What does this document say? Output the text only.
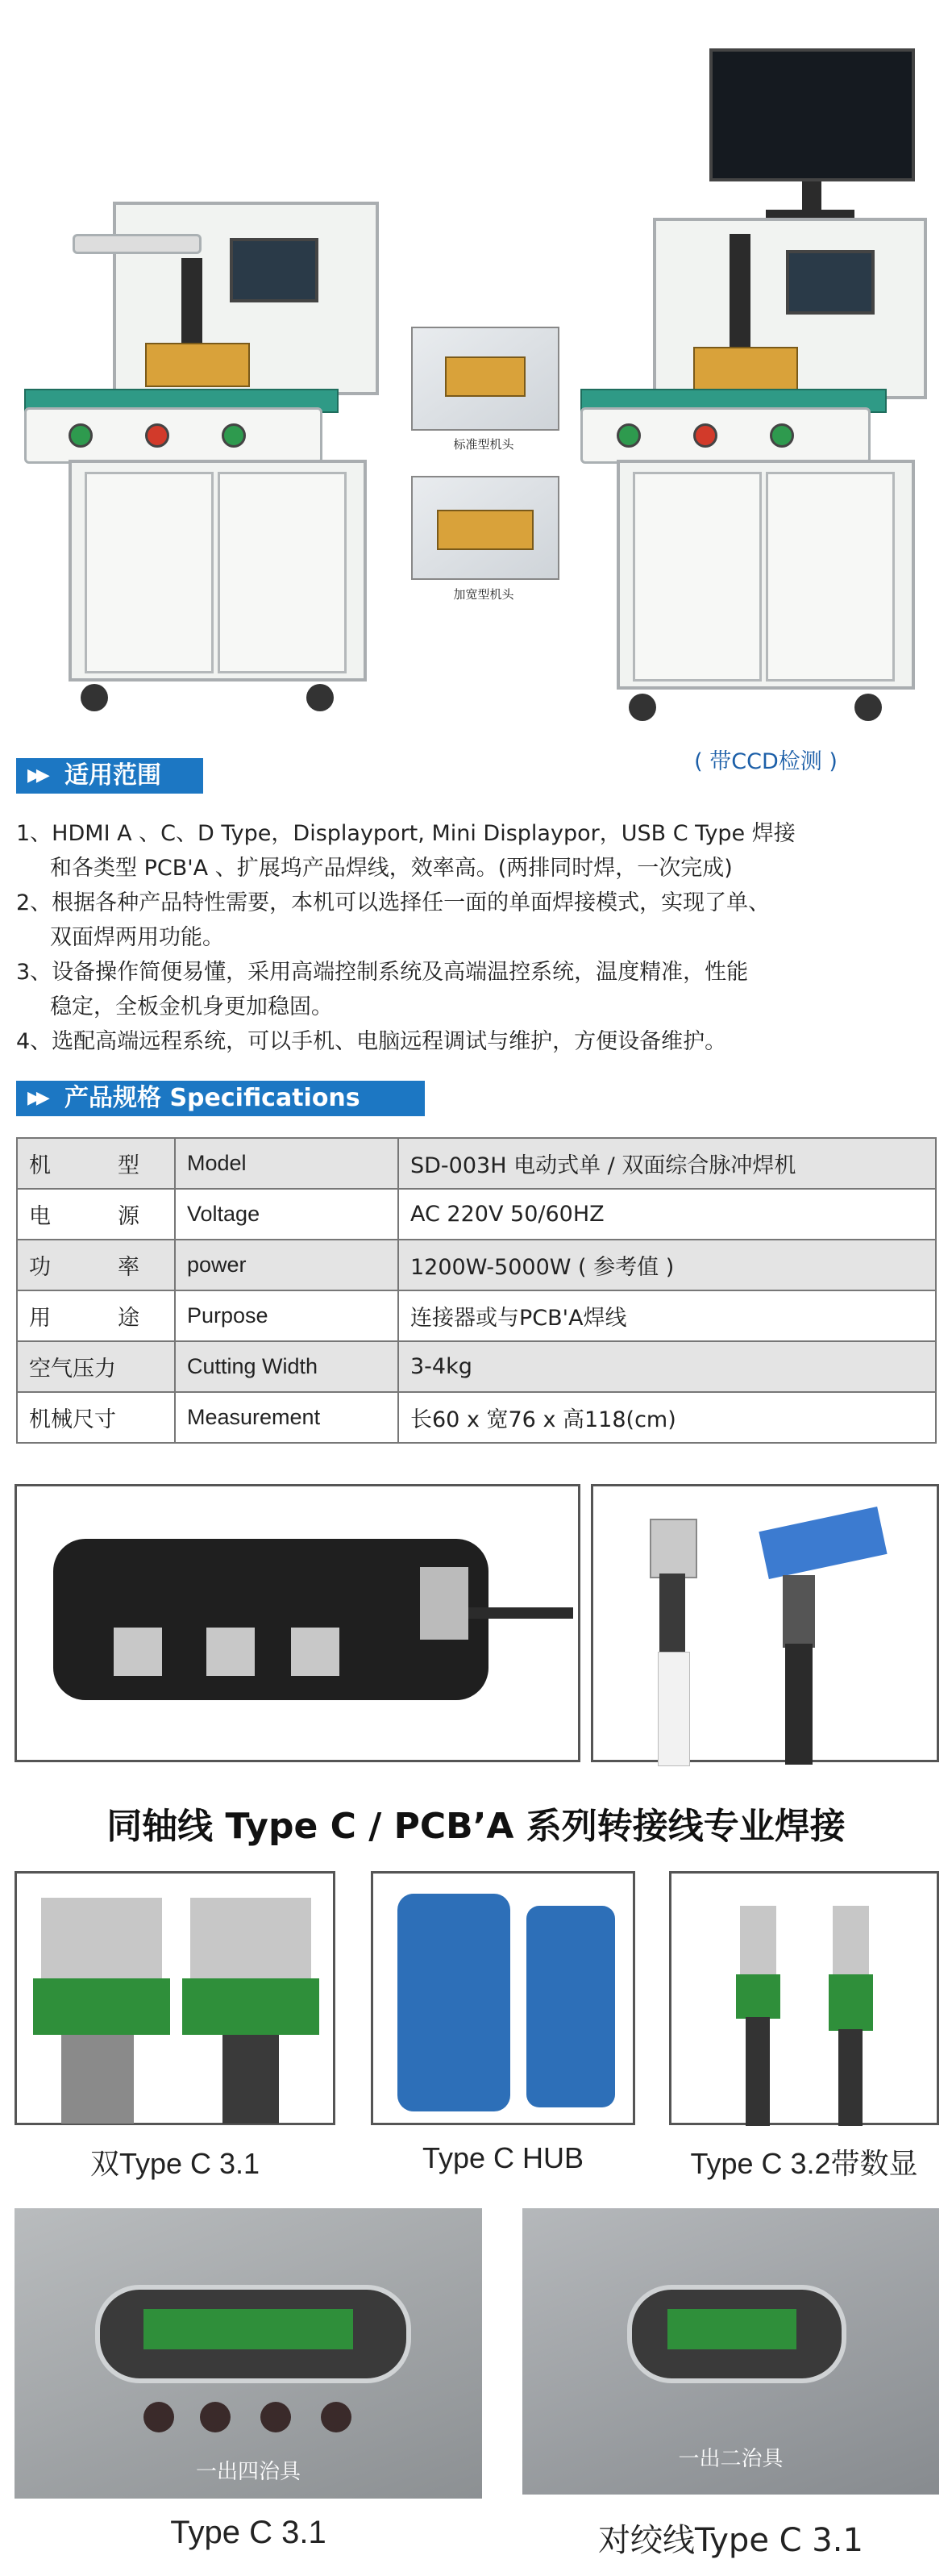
标准型机头
加宽型机头
( 带CCD检测 )
▶▶ 适用范围
1、HDMI A 、C、D Type，Displayport, Mini Displaypor，USB C Type 焊接
和各类型 PCB'A 、扩展坞产品焊线，效率高。(两排同时焊，一次完成)
2、根据各种产品特性需要，本机可以选择任一面的单面焊接模式，实现了单、
双面焊两用功能。
3、设备操作简便易懂，采用高端控制系统及高端温控系统，温度精准，性能
稳定，全板金机身更加稳固。
4、选配高端远程系统，可以手机、电脑远程调试与维护，方便设备维护。
▶▶ 产品规格 Specifications
机 型	Model	SD-003H 电动式单 / 双面综合脉冲焊机
电 源	Voltage	AC 220V 50/60HZ
功 率	power	1200W-5000W ( 参考值 )
用 途	Purpose	连接器或与PCB'A焊线
空气压力	Cutting Width	3-4kg
机械尺寸	Measurement	长60 x 宽76 x 高118(cm)
同轴线 Type C / PCB’A 系列转接线专业焊接
双Type C 3.1	Type C HUB	Type C 3.2带数显
一出四治具
一出二治具
Type C 3.1	对绞线Type C 3.1
